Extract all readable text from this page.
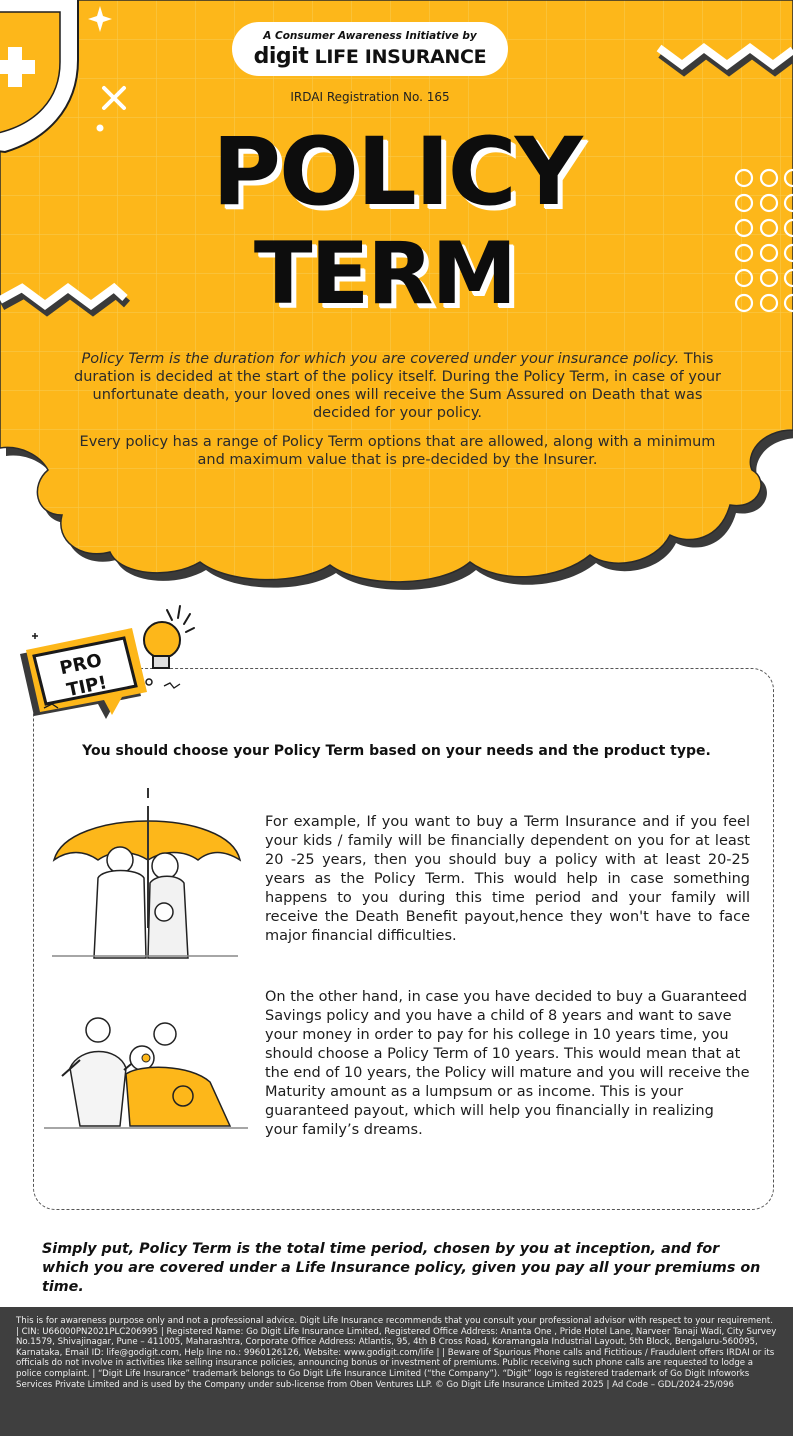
A Consumer Awareness Initiative by
digit LIFE INSURANCE
IRDAI Registration No. 165
POLICY
TERM

Policy Term is the duration for which you are covered under your insurance policy. This duration is decided at the start of the policy itself. During the Policy Term, in case of your unfortunate death, your loved ones will receive the Sum Assured on Death that was decided for your policy.

Every policy has a range of Policy Term options that are allowed, along with a minimum and maximum value that is pre-decided by the Insurer.

PRO
TIP!
You should choose your Policy Term based on your needs and the product type.
For example, If you want to buy a Term Insurance and if you feel your kids / family will be financially dependent on you for at least 20 -25 years, then you should buy a policy with at least 20-25 years as the Policy Term. This would help in case something happens to you during this time period and your family will receive the Death Benefit payout,hence they won't have to face major financial difficulties.
On the other hand, in case you have decided to buy a Guaranteed Savings policy and you have a child of 8 years and want to save your money in order to pay for his college in 10 years time, you should choose a Policy Term of 10 years. This would mean that at the end of 10 years, the Policy will mature and you will receive the Maturity amount as a lumpsum or as income. This is your guaranteed payout, which will help you financially in realizing your family’s dreams.
Simply put, Policy Term is the total time period, chosen by you at inception, and for which you are covered under a Life Insurance policy, given you pay all your premiums on time.

This is for awareness purpose only and not a professional advice. Digit Life Insurance recommends that you consult your professional advisor with respect to your requirement. | CIN: U66000PN2021PLC206995 | Registered Name: Go Digit Life Insurance Limited, Registered Office Address: Ananta One , Pride Hotel Lane, Narveer Tanaji Wadi, City Survey No.1579, Shivajinagar, Pune – 411005, Maharashtra, Corporate Office Address: Atlantis, 95, 4th B Cross Road, Koramangala Industrial Layout, 5th Block, Bengaluru-560095, Karnataka, Email ID: life@godigit.com, Help line no.: 9960126126, Website: www.godigit.com/life | | Beware of Spurious Phone calls and Fictitious / Fraudulent offers IRDAI or its officials do not involve in activities like selling insurance policies, announcing bonus or investment of premiums. Public receiving such phone calls are requested to lodge a police complaint. | “Digit Life Insurance” trademark belongs to Go Digit Life Insurance Limited (“the Company”). “Digit” logo is registered trademark of Go Digit Infoworks Services Private Limited and is used by the Company under sub-license from Oben Ventures LLP. © Go Digit Life Insurance Limited 2025 | Ad Code – GDL/2024-25/096
